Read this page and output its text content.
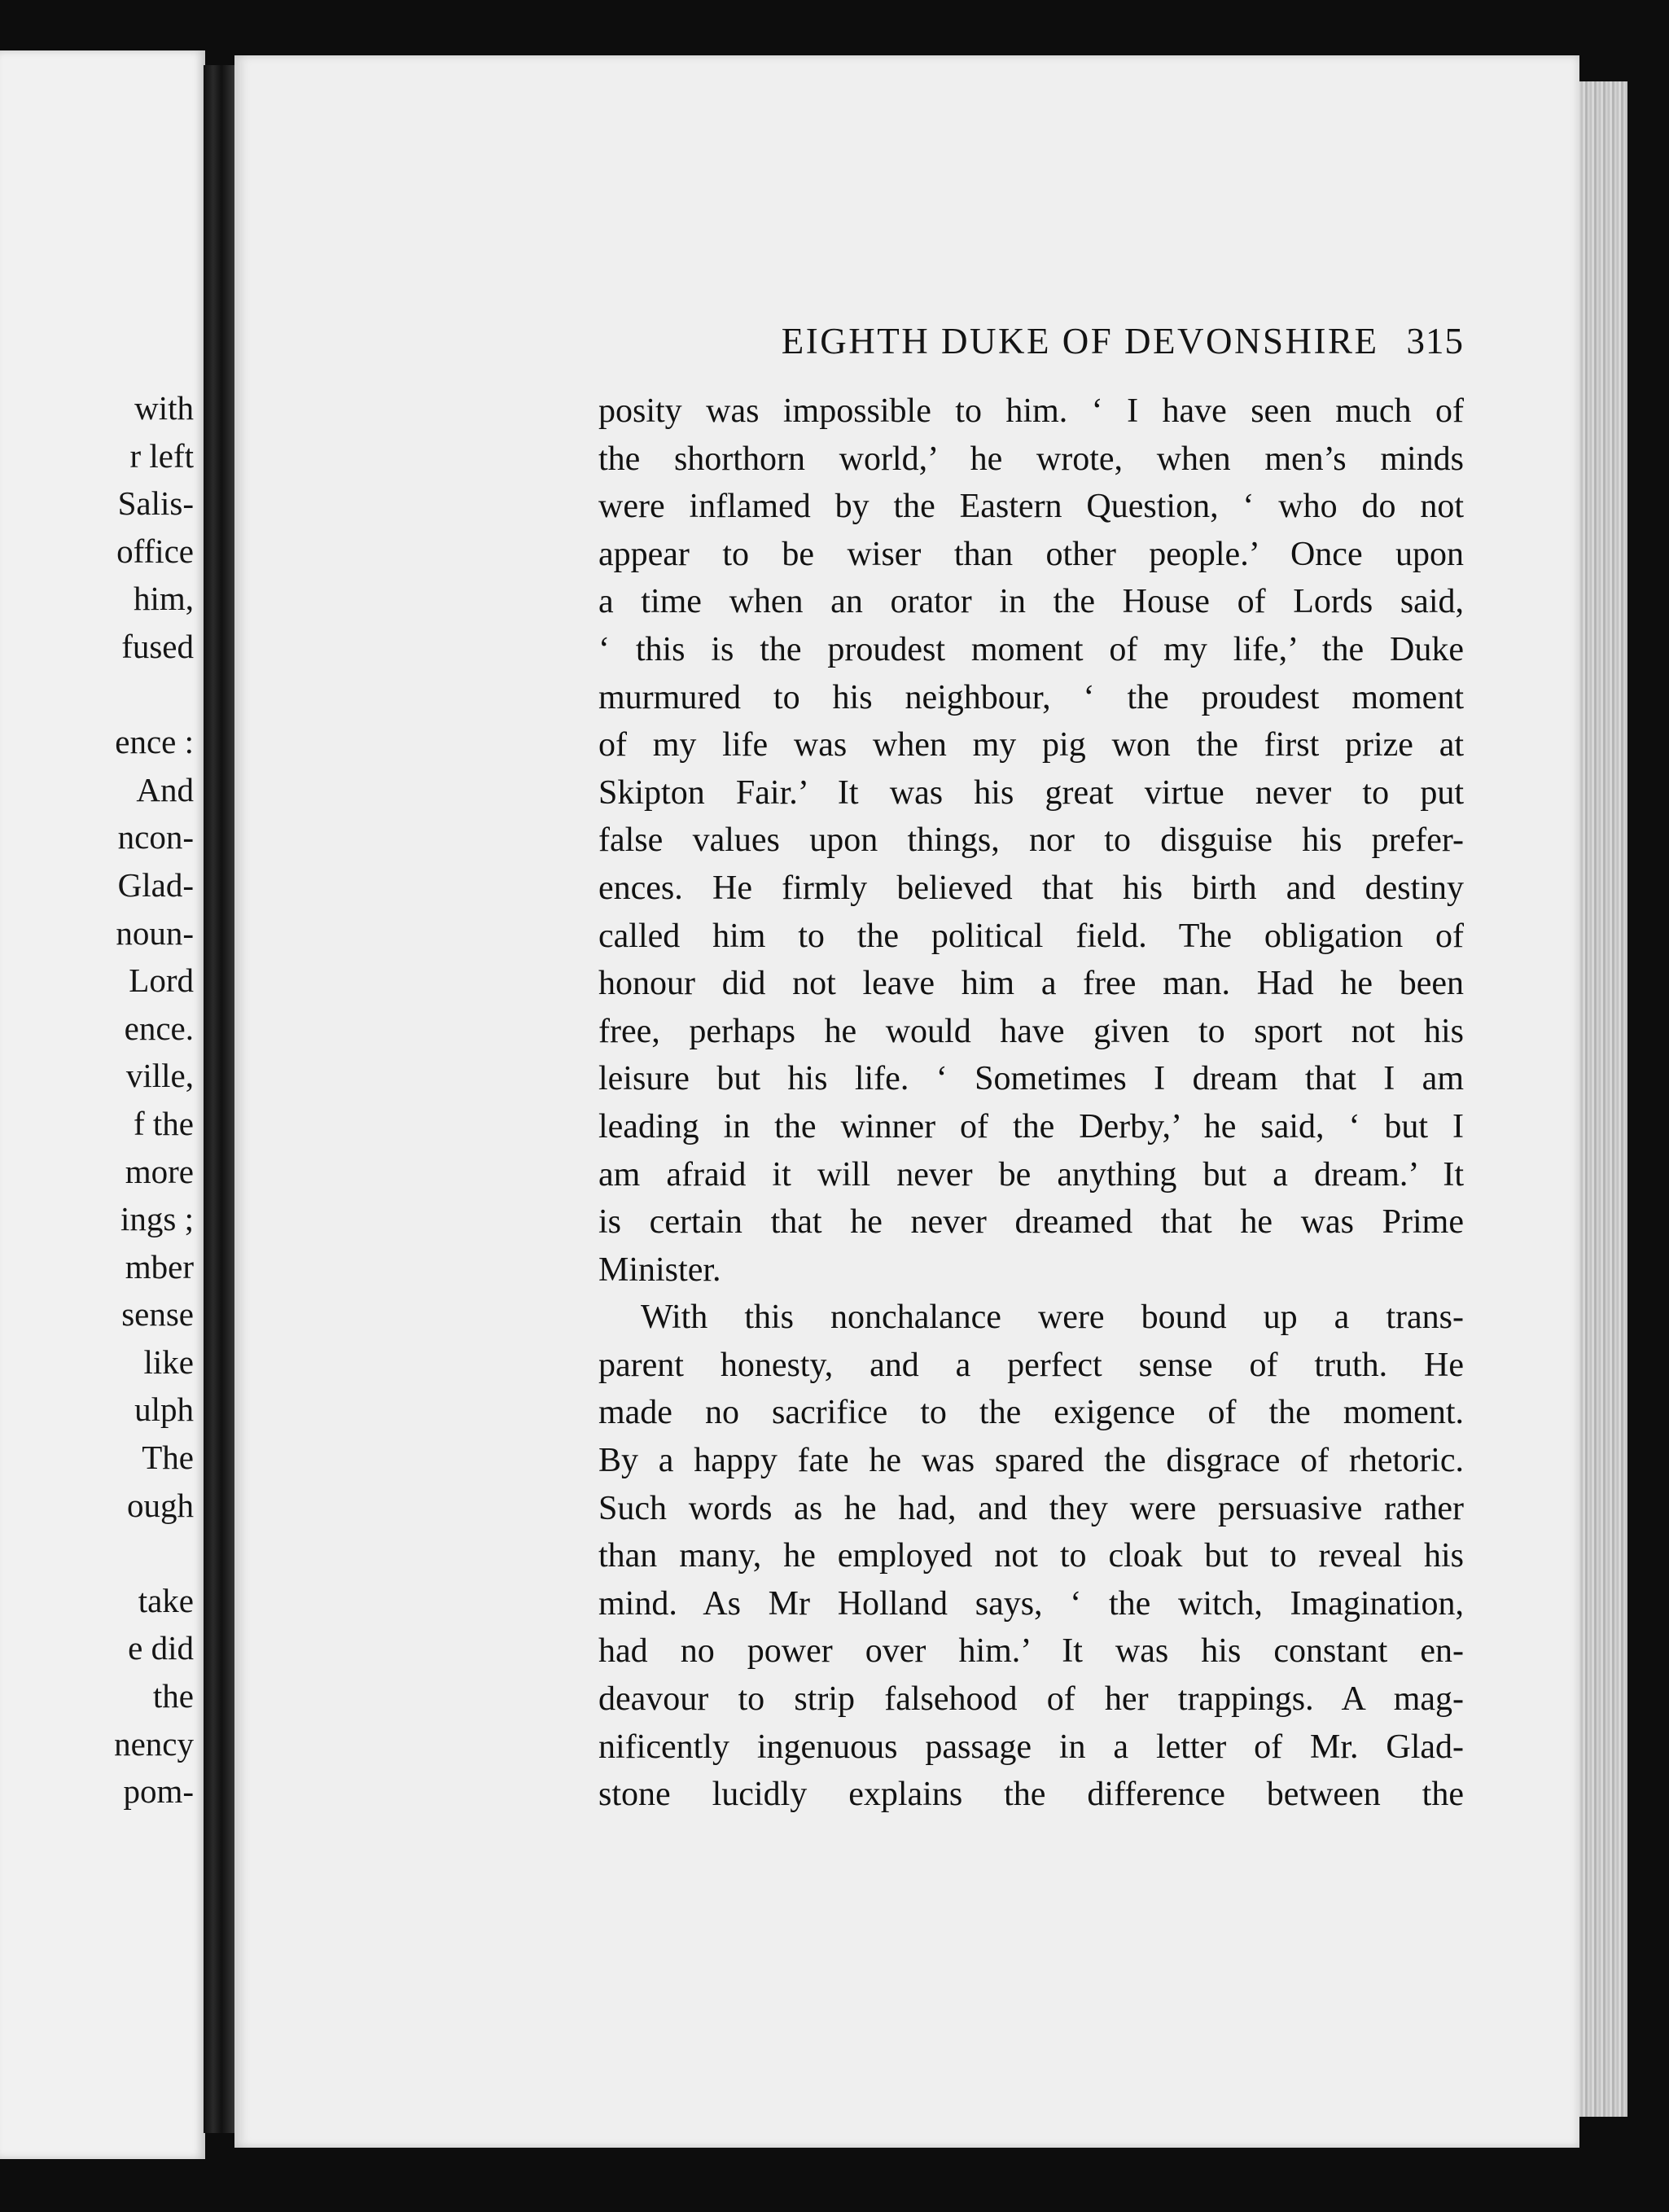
with
r left
Salis-
office
him,
fused
ence :
And
ncon-
Glad-
noun-
Lord
ence.
ville,
f the
more
ings ;
mber
sense
like
ulph
The
ough
take
e did
the
nency
pom-
EIGHTH DUKE OF DEVONSHIRE 315
posity was impossible to him. ‘ I have seen much of
the shorthorn world,’ he wrote, when men’s minds
were inflamed by the Eastern Question, ‘ who do not
appear to be wiser than other people.’ Once upon
a time when an orator in the House of Lords said,
‘ this is the proudest moment of my life,’ the Duke
murmured to his neighbour, ‘ the proudest moment
of my life was when my pig won the first prize at
Skipton Fair.’ It was his great virtue never to put
false values upon things, nor to disguise his prefer-
ences. He firmly believed that his birth and destiny
called him to the political field. The obligation of
honour did not leave him a free man. Had he been
free, perhaps he would have given to sport not his
leisure but his life. ‘ Sometimes I dream that I am
leading in the winner of the Derby,’ he said, ‘ but I
am afraid it will never be anything but a dream.’ It
is certain that he never dreamed that he was Prime
Minister.
With this nonchalance were bound up a trans-
parent honesty, and a perfect sense of truth. He
made no sacrifice to the exigence of the moment.
By a happy fate he was spared the disgrace of rhetoric.
Such words as he had, and they were persuasive rather
than many, he employed not to cloak but to reveal his
mind. As Mr Holland says, ‘ the witch, Imagination,
had no power over him.’ It was his constant en-
deavour to strip falsehood of her trappings. A mag-
nificently ingenuous passage in a letter of Mr. Glad-
stone lucidly explains the difference between the
